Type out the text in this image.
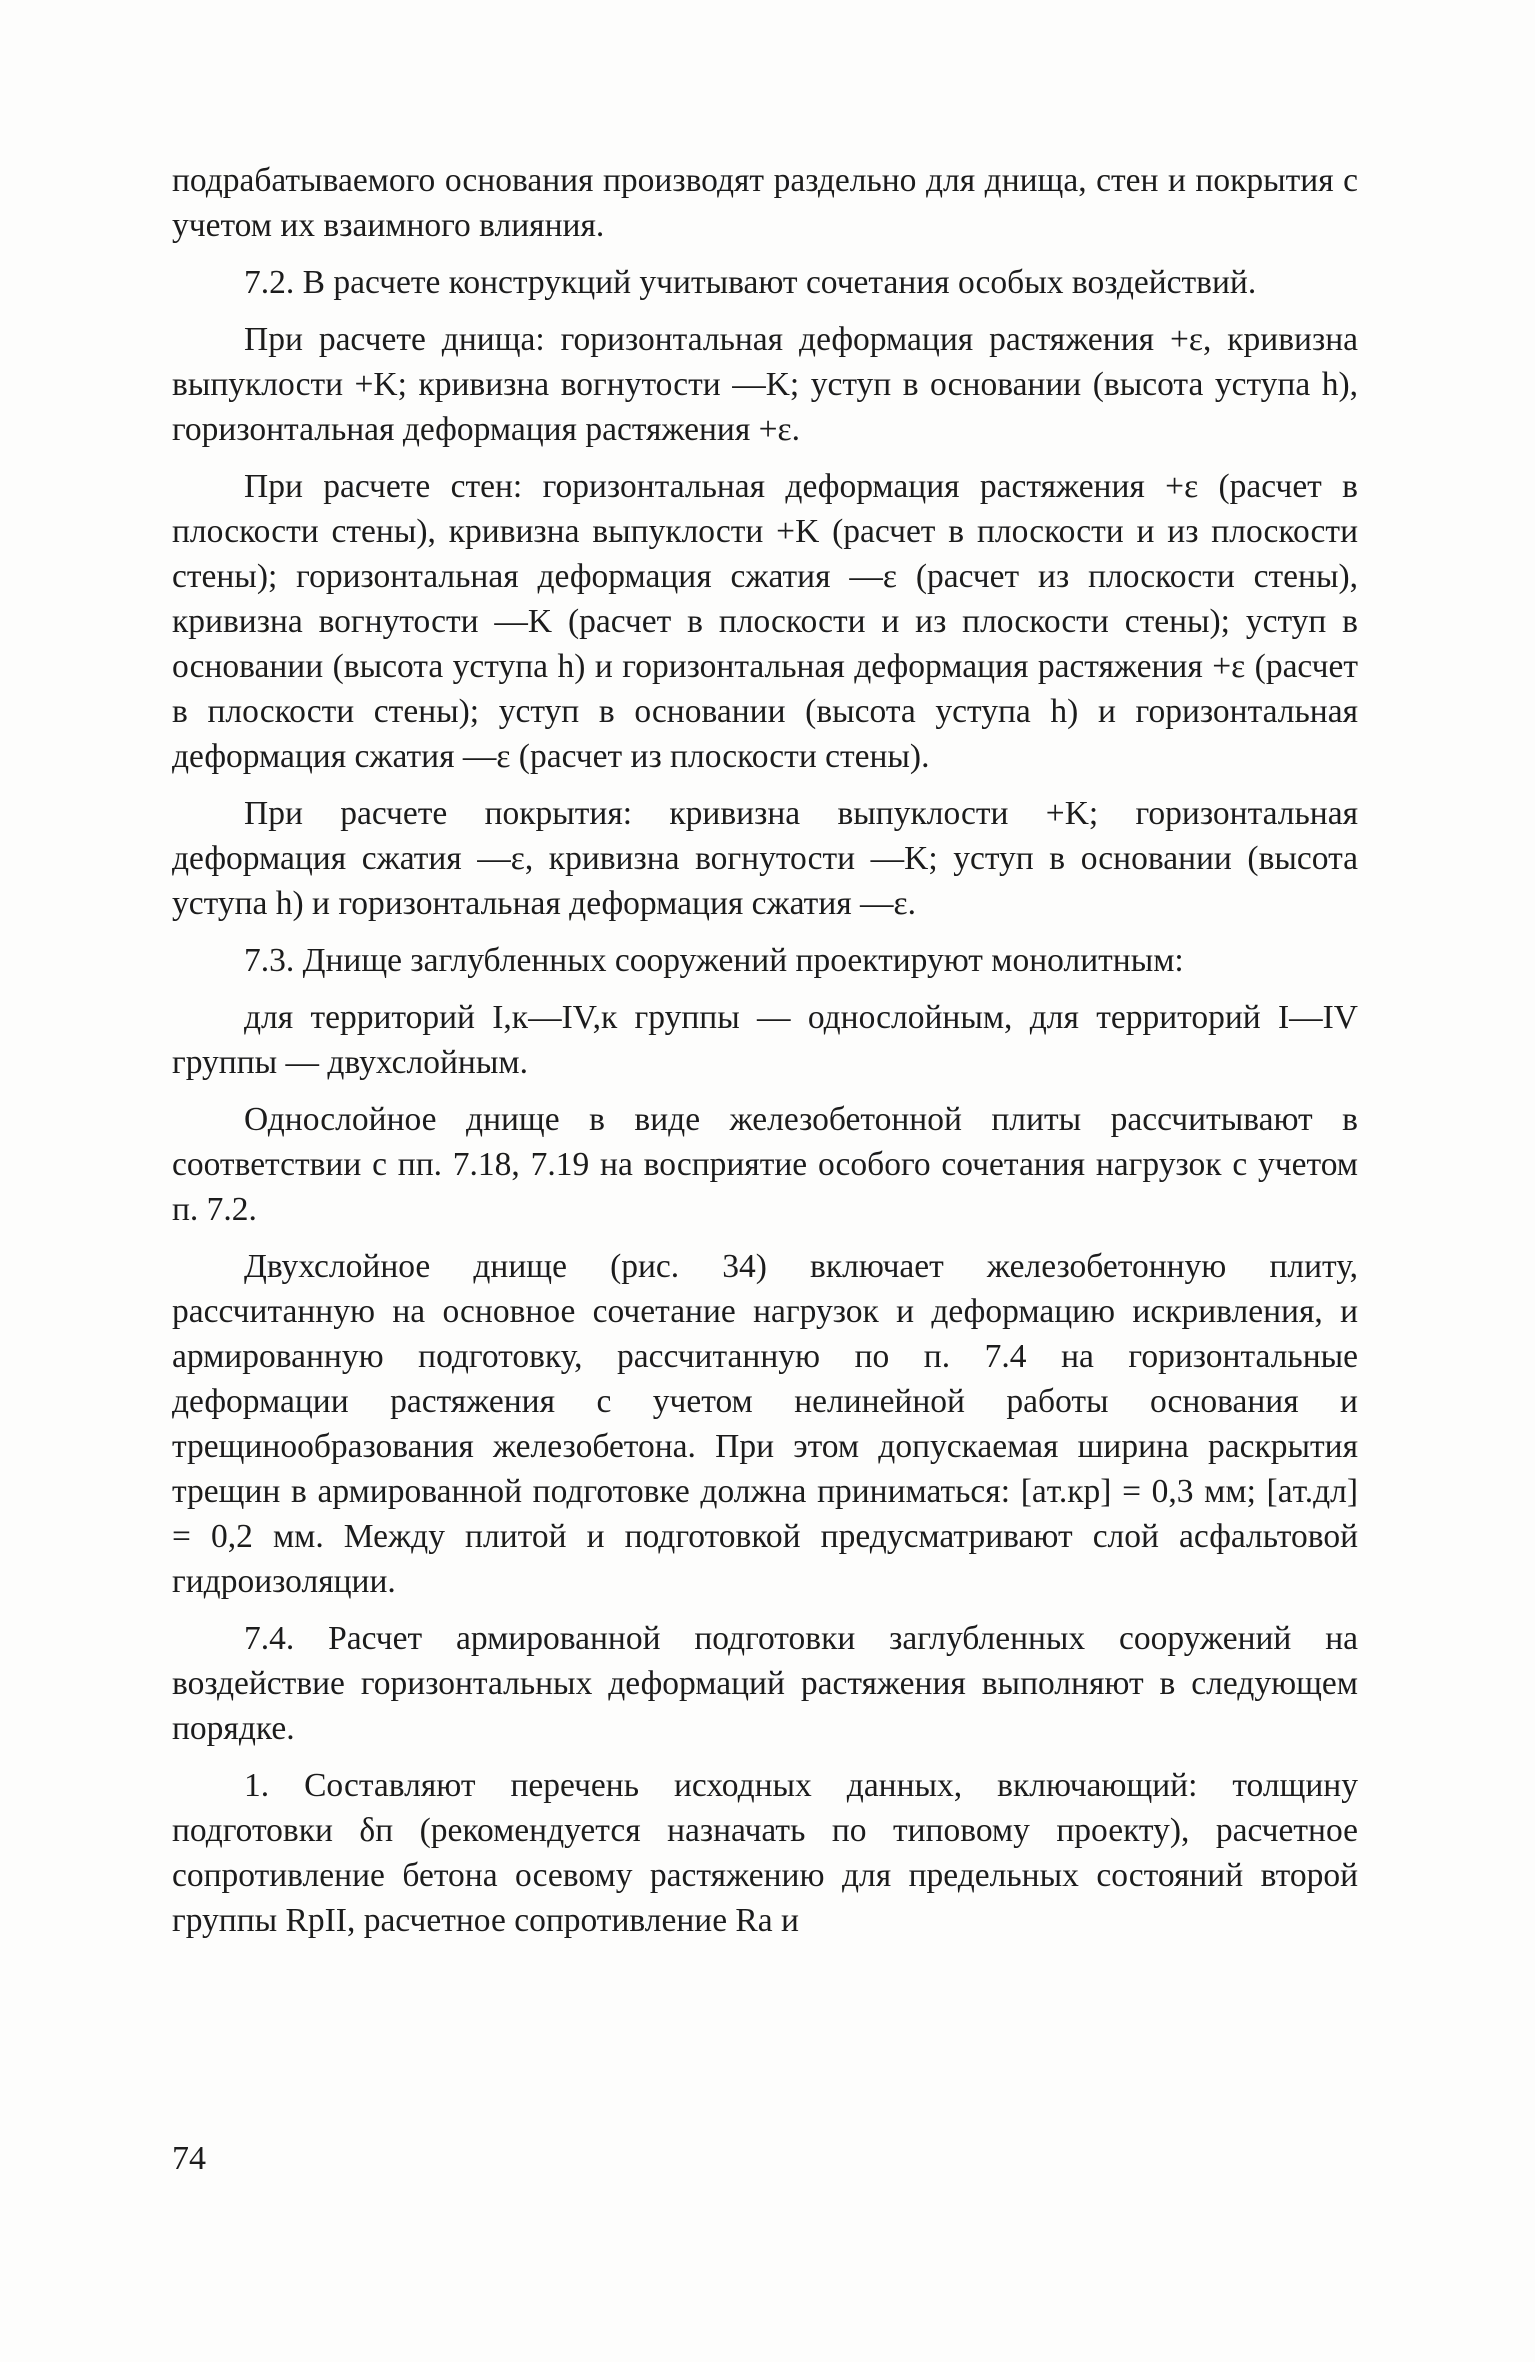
подрабатываемого основания производят раздельно для днища, стен и покрытия с учетом их взаимного влияния.

7.2. В расчете конструкций учитывают сочетания особых воздействий.

При расчете днища: горизонтальная деформация растяжения +ε, кривизна выпуклости +K; кривизна вогнутости —K; уступ в основании (высота уступа h), горизонтальная деформация растяжения +ε.

При расчете стен: горизонтальная деформация растяжения +ε (расчет в плоскости стены), кривизна выпуклости +K (расчет в плоскости и из плоскости стены); горизонтальная деформация сжатия —ε (расчет из плоскости стены), кривизна вогнутости —K (расчет в плоскости и из плоскости стены); уступ в основании (высота уступа h) и горизонтальная деформация растяжения +ε (расчет в плоскости стены); уступ в основании (высота уступа h) и горизонтальная деформация сжатия —ε (расчет из плоскости стены).

При расчете покрытия: кривизна выпуклости +K; горизонтальная деформация сжатия —ε, кривизна вогнутости —K; уступ в основании (высота уступа h) и горизонтальная деформация сжатия —ε.

7.3. Днище заглубленных сооружений проектируют монолитным:

для территорий I,к—IV,к группы — однослойным, для территорий I—IV группы — двухслойным.

Однослойное днище в виде железобетонной плиты рассчитывают в соответствии с пп. 7.18, 7.19 на восприятие особого сочетания нагрузок с учетом п. 7.2.

Двухслойное днище (рис. 34) включает железобетонную плиту, рассчитанную на основное сочетание нагрузок и деформацию искривления, и армированную подготовку, рассчитанную по п. 7.4 на горизонтальные деформации растяжения с учетом нелинейной работы основания и трещинообразования железобетона. При этом допускаемая ширина раскрытия трещин в армированной подготовке должна приниматься: [aт.кр] = 0,3 мм; [aт.дл] = 0,2 мм. Между плитой и подготовкой предусматривают слой асфальтовой гидроизоляции.

7.4. Расчет армированной подготовки заглубленных сооружений на воздействие горизонтальных деформаций растяжения выполняют в следующем порядке.

1. Составляют перечень исходных данных, включающий: толщину подготовки δп (рекомендуется назначать по типовому проекту), расчетное сопротивление бетона осевому растяжению для предельных состояний второй группы RpII, расчетное сопротивление Ra и

74
